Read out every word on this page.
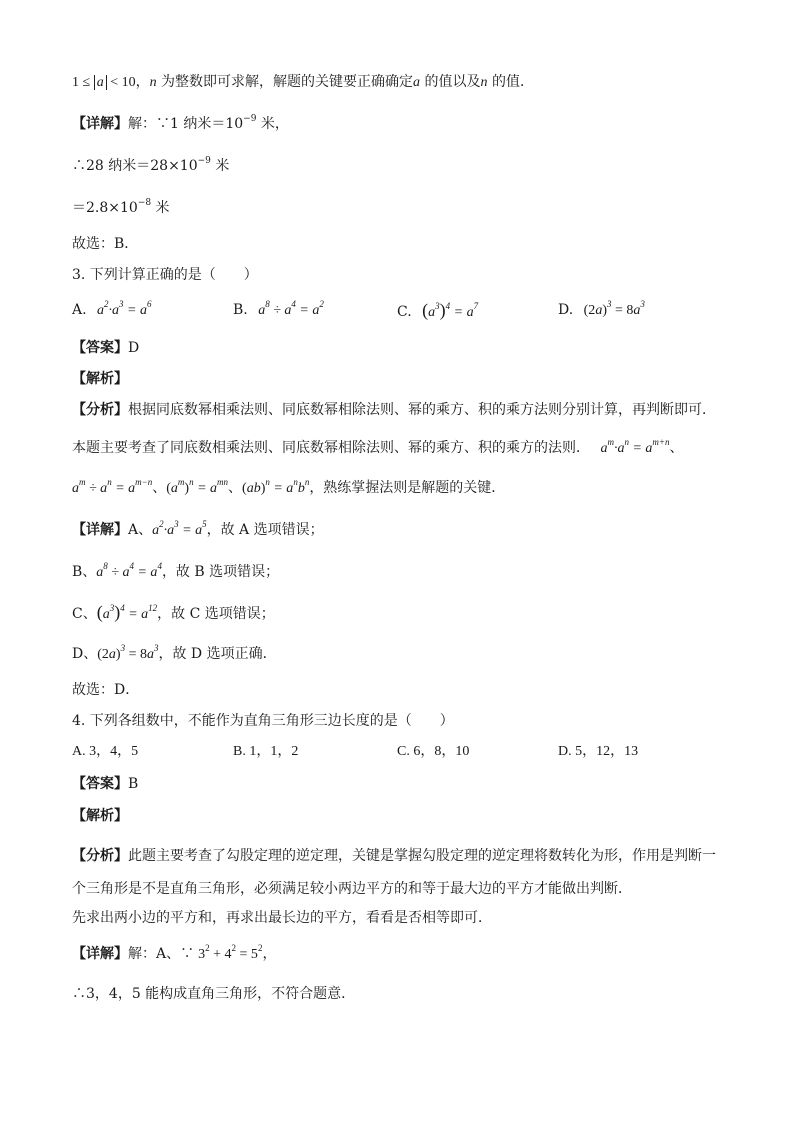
1 ≤ a < 10，n 为整数即可求解，解题的关键要正确确定a 的值以及n 的值．
【详解】解：∵1 纳米$=10^{-9}$ 米，
∴28 纳米$=28\times 10^{-9}$ 米
$=2.8\times 10^{-8}$ 米
故选：B．
3. 下列计算正确的是（　　）
A. $a^2\cdot a^3 = a^6$	B. $a^8 \div a^4 = a^2$	C. $(a^3)^4 = a^7$	D. $(2a)^3 = 8a^3$
【答案】D
【解析】
【分析】根据同底数幂相乘法则、同底数幂相除法则、幂的乘方、积的乘方法则分别计算，再判断即可．
本题主要考查了同底数相乘法则、同底数幂相除法则、幂的乘方、积的乘方的法则． $a^m\cdot a^n = a^{m+n}$、
$a^m \div a^n = a^{m-n}$、$(a^m)^n = a^{mn}$、$(ab)^n = a^nb^n$，熟练掌握法则是解题的关键．
【详解】A、$a^2\cdot a^3 = a^5$，故 A 选项错误；
B、$a^8 \div a^4 = a^4$，故 B 选项错误；
C、$(a^3)^4 = a^{12}$，故 C 选项错误；
D、$(2a)^3 = 8a^3$，故 D 选项正确．
故选：D．
4. 下列各组数中，不能作为直角三角形三边长度的是（　　）
A. 3，4，5	B. 1，1，2	C. 6，8，10	D. 5，12，13
【答案】B
【解析】
【分析】此题主要考查了勾股定理的逆定理，关键是掌握勾股定理的逆定理将数转化为形，作用是判断一
个三角形是不是直角三角形，必须满足较小两边平方的和等于最大边的平方才能做出判断．
先求出两小边的平方和，再求出最长边的平方，看看是否相等即可．
【详解】解：A、∵ $3^2 + 4^2 = 5^2$，
∴3，4，5 能构成直角三角形，不符合题意．
